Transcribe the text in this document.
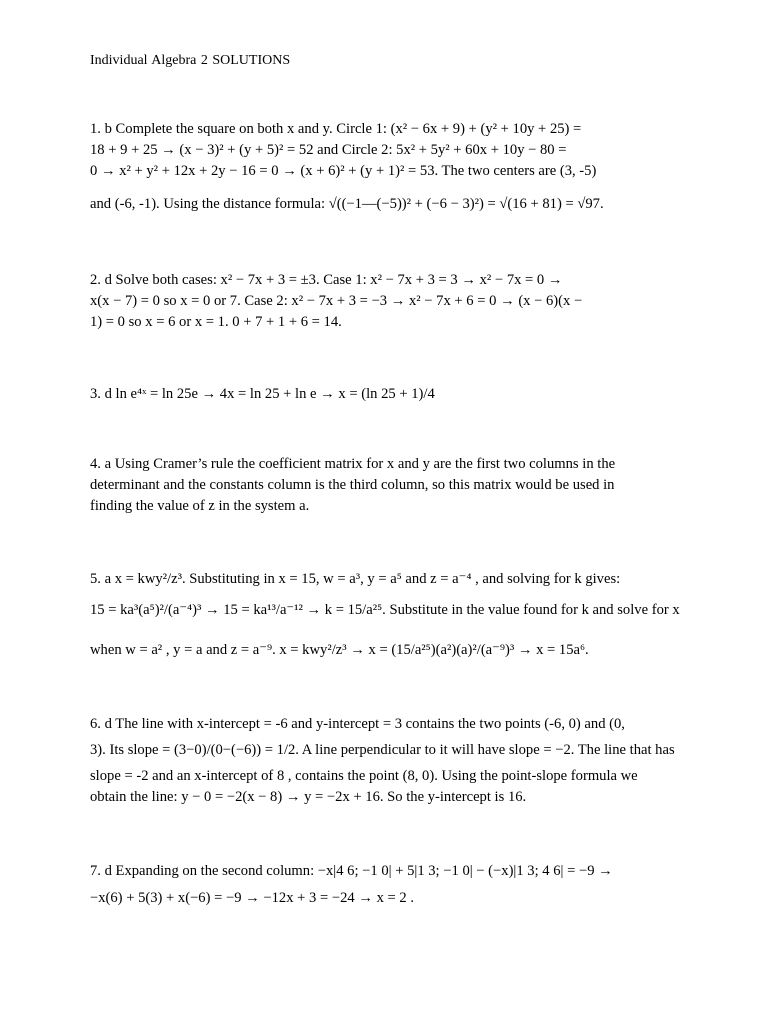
Individual Algebra 2 SOLUTIONS
1. b Complete the square on both x and y. Circle 1: (x² − 6x + 9) + (y² + 10y + 25) =
18 + 9 + 25 → (x − 3)² + (y + 5)² = 52 and Circle 2: 5x² + 5y² + 60x + 10y − 80 =
0 → x² + y² + 12x + 2y − 16 = 0 → (x + 6)² + (y + 1)² = 53. The two centers are (3, -5)
and (-6, -1). Using the distance formula: √((−1—(−5))² + (−6 − 3)²) = √(16 + 81) = √97.
2. d Solve both cases: x² − 7x + 3 = ±3. Case 1: x² − 7x + 3 = 3 → x² − 7x = 0 →
x(x − 7) = 0 so x = 0 or 7. Case 2: x² − 7x + 3 = −3 → x² − 7x + 6 = 0 → (x − 6)(x −
1) = 0 so x = 6 or x = 1. 0 + 7 + 1 + 6 = 14.
3. d ln e⁴ˣ = ln 25e → 4x = ln 25 + ln e → x = (ln 25 + 1)/4
4. a Using Cramer’s rule the coefficient matrix for x and y are the first two columns in the
determinant and the constants column is the third column, so this matrix would be used in
finding the value of z in the system a.
5. a x = kwy²/z³. Substituting in x = 15, w = a³, y = a⁵ and z = a⁻⁴ , and solving for k gives:
15 = ka³(a⁵)²/(a⁻⁴)³ → 15 = ka¹³/a⁻¹² → k = 15/a²⁵. Substitute in the value found for k and solve for x
when w = a² , y = a and z = a⁻⁹. x = kwy²/z³ → x = (15/a²⁵)(a²)(a)²/(a⁻⁹)³ → x = 15a⁶.
6. d The line with x-intercept = -6 and y-intercept = 3 contains the two points (-6, 0) and (0,
3). Its slope = (3−0)/(0−(−6)) = 1/2. A line perpendicular to it will have slope = −2. The line that has
slope = -2 and an x-intercept of 8 , contains the point (8, 0). Using the point-slope formula we
obtain the line: y − 0 = −2(x − 8) → y = −2x + 16. So the y-intercept is 16.
7. d Expanding on the second column: −x|4 6; −1 0| + 5|1 3; −1 0| − (−x)|1 3; 4 6| = −9 →
−x(6) + 5(3) + x(−6) = −9 → −12x + 3 = −24 → x = 2 .
